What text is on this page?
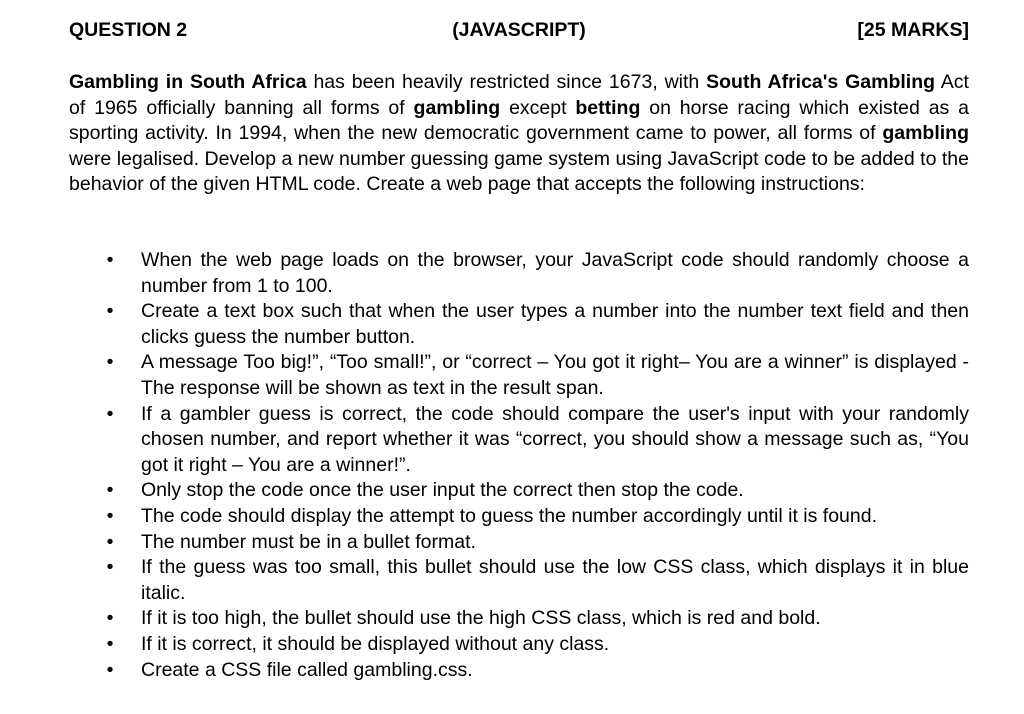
QUESTION 2	(JAVASCRIPT)	[25 MARKS]

Gambling in South Africa has been heavily restricted since 1673, with South Africa's Gambling Act of 1965 officially banning all forms of gambling except betting on horse racing which existed as a sporting activity. In 1994, when the new democratic government came to power, all forms of gambling were legalised. Develop a new number guessing game system using JavaScript code to be added to the behavior of the given HTML code. Create a web page that accepts the following instructions:

• When the web page loads on the browser, your JavaScript code should randomly choose a number from 1 to 100.
• Create a text box such that when the user types a number into the number text field and then clicks guess the number button.
• A message Too big!”, “Too small!”, or “correct – You got it right– You are a winner” is displayed - The response will be shown as text in the result span.
• If a gambler guess is correct, the code should compare the user's input with your randomly chosen number, and report whether it was “correct, you should show a message such as, “You got it right – You are a winner!”.
• Only stop the code once the user input the correct then stop the code.
• The code should display the attempt to guess the number accordingly until it is found.
• The number must be in a bullet format.
• If the guess was too small, this bullet should use the low CSS class, which displays it in blue italic.
• If it is too high, the bullet should use the high CSS class, which is red and bold.
• If it is correct, it should be displayed without any class.
• Create a CSS file called gambling.css.
